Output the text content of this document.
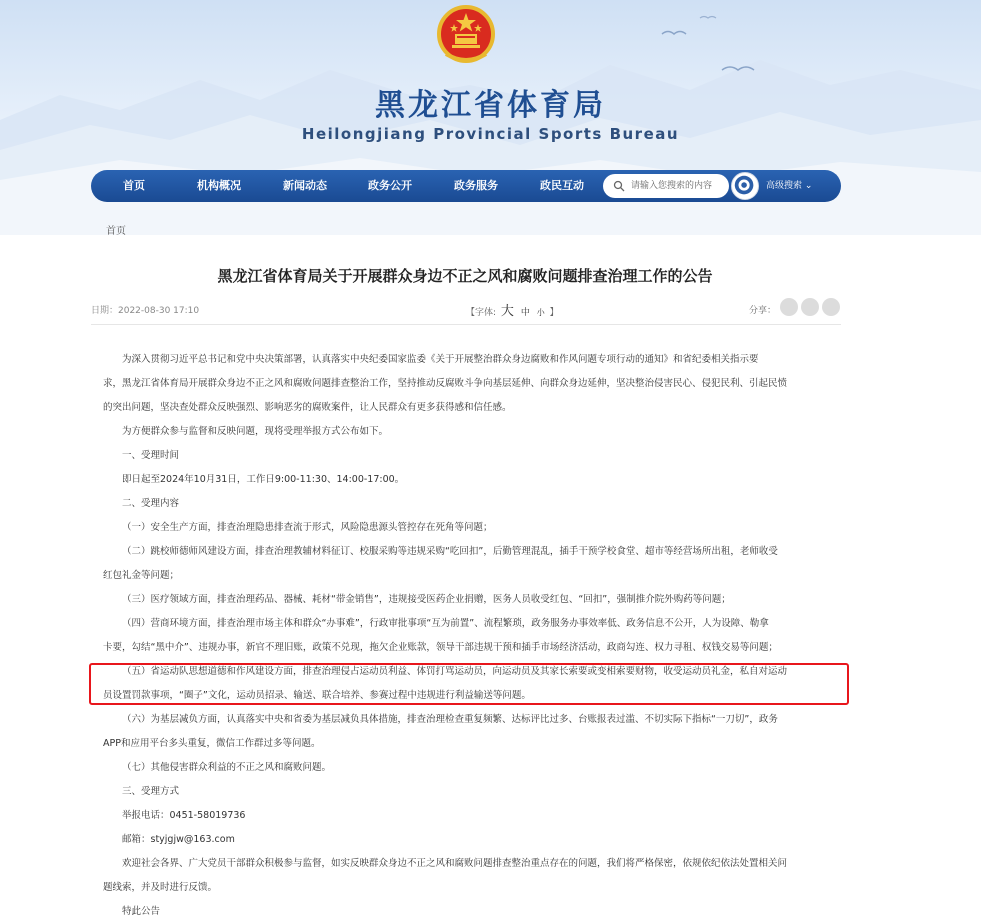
黑龙江省体育局
Heilongjiang Provincial Sports Bureau
首页	机构概况	新闻动态	政务公开	政务服务	政民互动
请输入您搜索的内容	高级搜索 ⌄
首页
黑龙江省体育局关于开展群众身边不正之风和腐败问题排查治理工作的公告
日期：2022-08-30 17:10	【字体: 大 中 小 】	分享：

为深入贯彻习近平总书记和党中央决策部署，认真落实中央纪委国家监委《关于开展整治群众身边腐败和作风问题专项行动的通知》和省纪委相关指示要

求，黑龙江省体育局开展群众身边不正之风和腐败问题排查整治工作，坚持推动反腐败斗争向基层延伸、向群众身边延伸，坚决整治侵害民心、侵犯民利、引起民愤

的突出问题，坚决查处群众反映强烈、影响恶劣的腐败案件，让人民群众有更多获得感和信任感。

为方便群众参与监督和反映问题，现将受理举报方式公布如下。

一、受理时间

即日起至2024年10月31日，工作日9:00-11:30、14:00-17:00。

二、受理内容

（一）安全生产方面，排查治理隐患排查流于形式，风险隐患源头管控存在死角等问题；

（二）跳校师德师风建设方面，排查治理教辅材料征订、校服采购等违规采购“吃回扣”，后勤管理混乱，插手干预学校食堂、超市等经营场所出租，老师收受

红包礼金等问题；

（三）医疗领域方面，排查治理药品、器械、耗材“带金销售”，违规接受医药企业捐赠，医务人员收受红包、“回扣”，强制推介院外购药等问题；

（四）营商环境方面，排查治理市场主体和群众“办事难”，行政审批事项“互为前置”、流程繁琐，政务服务办事效率低、政务信息不公开，人为设障、勒拿

卡要，勾结“黑中介”、违规办事，新官不理旧账，政策不兑现，拖欠企业账款，领导干部违规干预和插手市场经济活动，政商勾连、权力寻租、权钱交易等问题；

（五）省运动队思想道德和作风建设方面，排查治理侵占运动员利益、体罚打骂运动员，向运动员及其家长索要或变相索要财物，收受运动员礼金，私自对运动

员设置罚款事项，“圈子”文化，运动员招录、输送、联合培养、参赛过程中违规进行利益输送等问题。

（六）为基层减负方面，认真落实中央和省委为基层减负具体措施，排查治理检查重复频繁、达标评比过多、台账报表过滥、不切实际下指标“一刀切”，政务

APP和应用平台多头重复，微信工作群过多等问题。

（七）其他侵害群众利益的不正之风和腐败问题。

三、受理方式

举报电话：0451-58019736

邮箱：styjgjw@163.com

欢迎社会各界、广大党员干部群众积极参与监督，如实反映群众身边不正之风和腐败问题排查整治重点存在的问题，我们将严格保密，依规依纪依法处置相关问

题线索，并及时进行反馈。

特此公告
